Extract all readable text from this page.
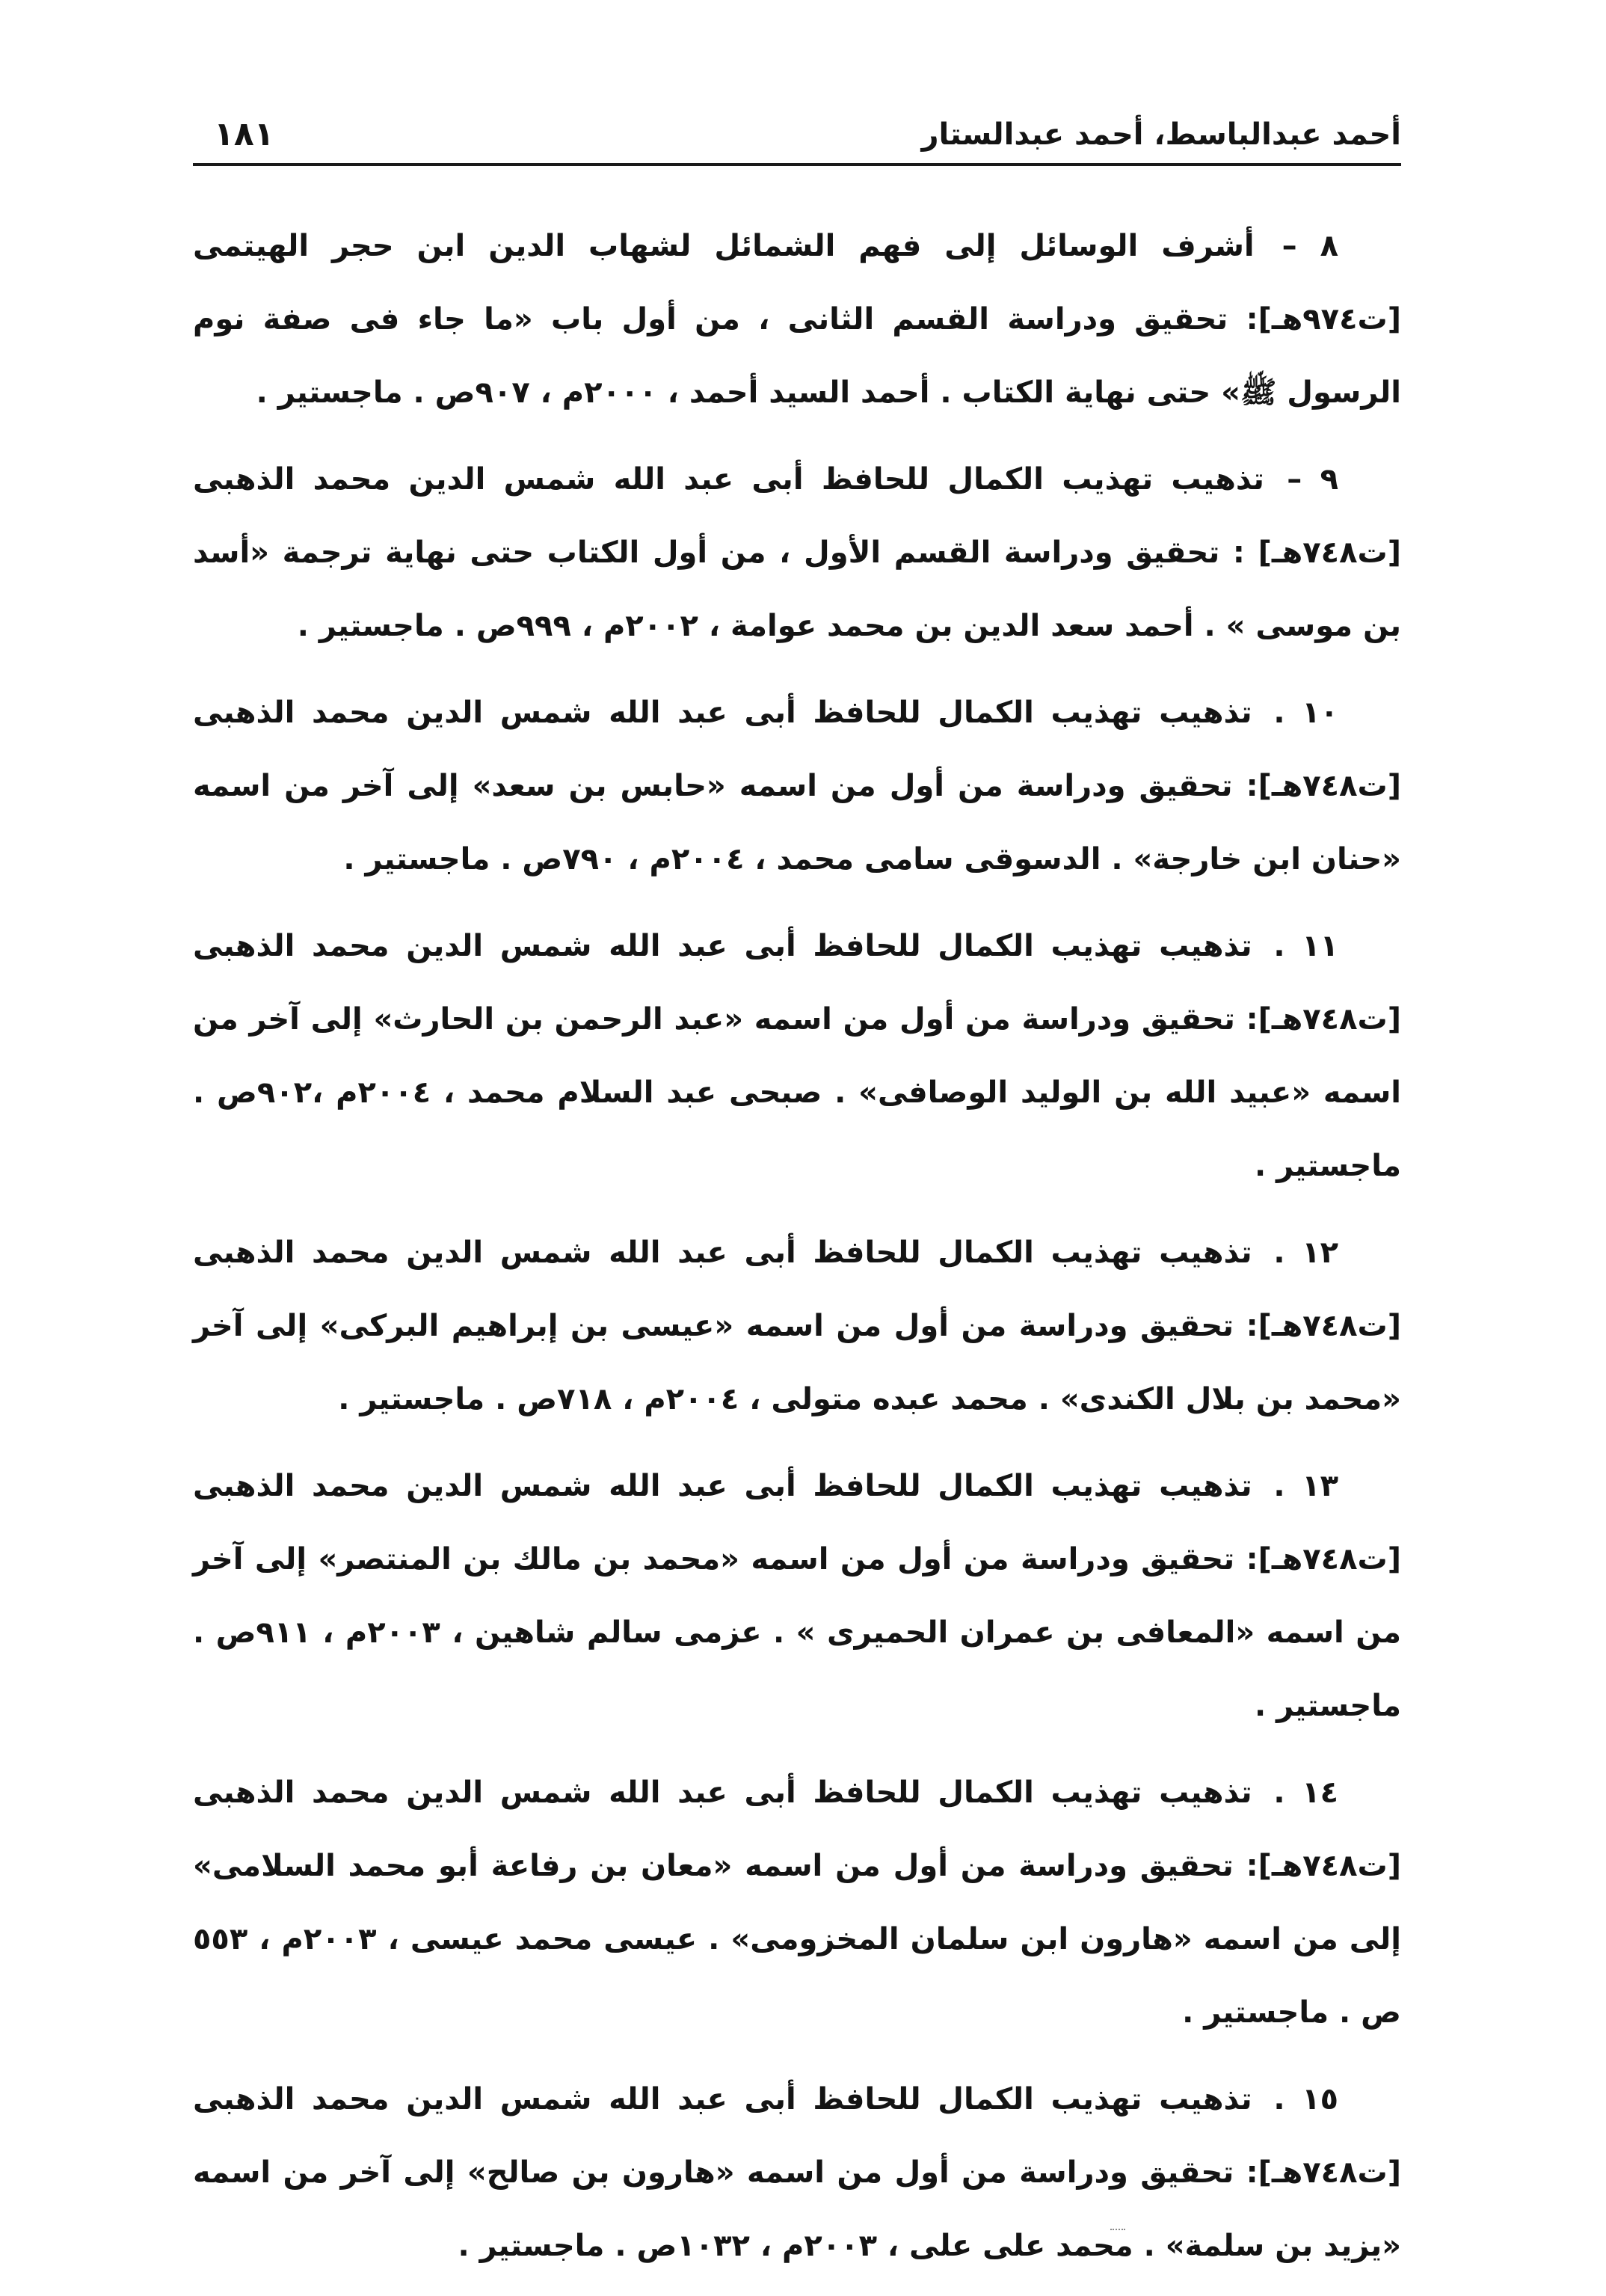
أحمد عبدالباسط، أحمد عبدالستار
١٨١

٨ – أشرف الوسائل إلى فهم الشمائل لشهاب الدين ابن حجر الهيتمى [ت٩٧٤هـ]: تحقيق ودراسة القسم الثانى ، من أول باب «ما جاء فى صفة نوم الرسول ﷺ» حتى نهاية الكتاب . أحمد السيد أحمد ، ٢٠٠٠م ، ٩٠٧ص . ماجستير .

٩ – تذهيب تهذيب الكمال للحافظ أبى عبد الله شمس الدين محمد الذهبى [ت٧٤٨هـ] : تحقيق ودراسة القسم الأول ، من أول الكتاب حتى نهاية ترجمة «أسد بن موسى » . أحمد سعد الدين بن محمد عوامة ، ٢٠٠٢م ، ٩٩٩ص . ماجستير .

١٠ . تذهيب تهذيب الكمال للحافظ أبى عبد الله شمس الدين محمد الذهبى [ت٧٤٨هـ]: تحقيق ودراسة من أول من اسمه «حابس بن سعد» إلى آخر من اسمه «حنان ابن خارجة» . الدسوقى سامى محمد ، ٢٠٠٤م ، ٧٩٠ص . ماجستير .

١١ . تذهيب تهذيب الكمال للحافظ أبى عبد الله شمس الدين محمد الذهبى [ت٧٤٨هـ]: تحقيق ودراسة من أول من اسمه «عبد الرحمن بن الحارث» إلى آخر من اسمه «عبيد الله بن الوليد الوصافى» . صبحى عبد السلام محمد ، ٢٠٠٤م ،٩٠٢ص . ماجستير .

١٢ . تذهيب تهذيب الكمال للحافظ أبى عبد الله شمس الدين محمد الذهبى [ت٧٤٨هـ]: تحقيق ودراسة من أول من اسمه «عيسى بن إبراهيم البركى» إلى آخر «محمد بن بلال الكندى» . محمد عبده متولى ، ٢٠٠٤م ، ٧١٨ص . ماجستير .

١٣ . تذهيب تهذيب الكمال للحافظ أبى عبد الله شمس الدين محمد الذهبى [ت٧٤٨هـ]: تحقيق ودراسة من أول من اسمه «محمد بن مالك بن المنتصر» إلى آخر من اسمه «المعافى بن عمران الحميرى » . عزمى سالم شاهين ، ٢٠٠٣م ، ٩١١ص . ماجستير .

١٤ . تذهيب تهذيب الكمال للحافظ أبى عبد الله شمس الدين محمد الذهبى [ت٧٤٨هـ]: تحقيق ودراسة من أول من اسمه «معان بن رفاعة أبو محمد السلامى» إلى من اسمه «هارون ابن سلمان المخزومى» . عيسى محمد عيسى ، ٢٠٠٣م ، ٥٥٣ ص . ماجستير .

١٥ . تذهيب تهذيب الكمال للحافظ أبى عبد الله شمس الدين محمد الذهبى [ت٧٤٨هـ]: تحقيق ودراسة من أول من اسمه «هارون بن صالح» إلى آخر من اسمه «يزيد بن سلمة» . محمد على على ، ٢٠٠٣م ، ١٠٣٢ص . ماجستير .
